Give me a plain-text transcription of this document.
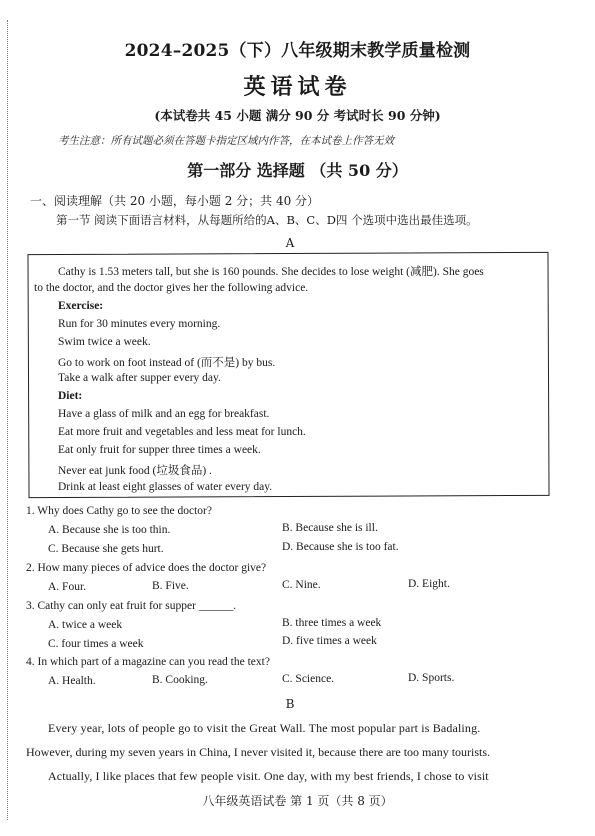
2024–2025（下）八年级期末教学质量检测
英语试卷
(本试卷共 45 小题 满分 90 分 考试时长 90 分钟)
考生注意：所有试题必须在答题卡指定区域内作答，在本试卷上作答无效
第一部分 选择题 （共 50 分）
一、阅读理解（共 20 小题，每小题 2 分；共 40 分）
第一节 阅读下面语言材料，从每题所给的A、B、C、D四 个选项中选出最佳选项。
A
Cathy is 1.53 meters tall, but she is 160 pounds. She decides to lose weight (减肥). She goes
to the doctor, and the doctor gives her the following advice.
Exercise:
Run for 30 minutes every morning.
Swim twice a week.
Go to work on foot instead of (而不是) by bus.
Take a walk after supper every day.
Diet:
Have a glass of milk and an egg for breakfast.
Eat more fruit and vegetables and less meat for lunch.
Eat only fruit for supper three times a week.
Never eat junk food (垃圾食品) .
Drink at least eight glasses of water every day.
1. Why does Cathy go to see the doctor?
A. Because she is too thin.	B. Because she is ill.
C. Because she gets hurt.	D. Because she is too fat.
2. How many pieces of advice does the doctor give?
A. Four.	B. Five.	C. Nine.	D. Eight.
3. Cathy can only eat fruit for supper ______.
A. twice a week	B. three times a week
C. four times a week	D. five times a week
4. In which part of a magazine can you read the text?
A. Health.	B. Cooking.	C. Science.	D. Sports.
B
Every year, lots of people go to visit the Great Wall. The most popular part is Badaling.
However, during my seven years in China, I never visited it, because there are too many tourists.
Actually, I like places that few people visit. One day, with my best friends, I chose to visit
八年级英语试卷 第 1 页（共 8 页）
